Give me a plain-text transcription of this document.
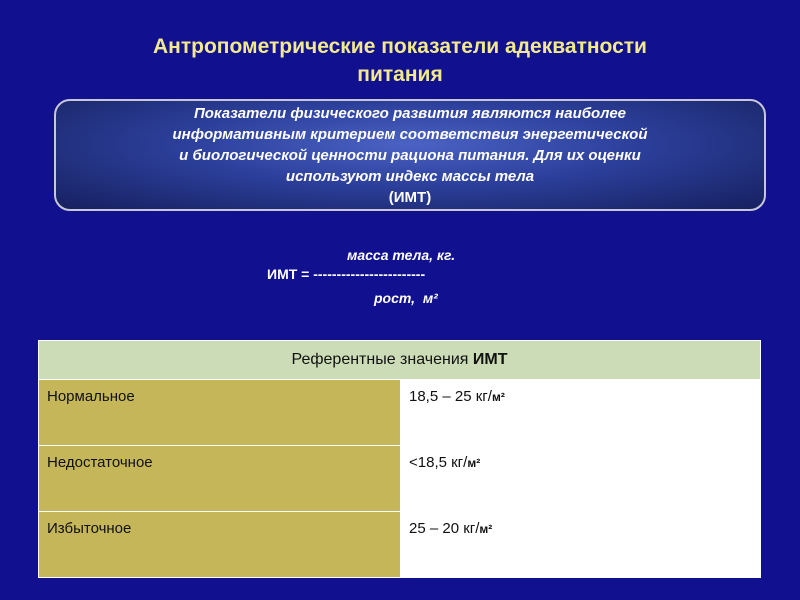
Антропометрические показатели адекватности
питания
Показатели физического развития являются наиболее
информативным критерием соответствия энергетической
и биологической ценности рациона питания. Для их оценки
используют индекс массы тела
(ИМТ)
масса тела, кг.
ИМТ = ------------------------
рост,  м²
Референтные значения ИМТ	
Нормальное	18,5 – 25 кг/м²
Недостаточное	<18,5 кг/м²
Избыточное	25 – 20 кг/м²
